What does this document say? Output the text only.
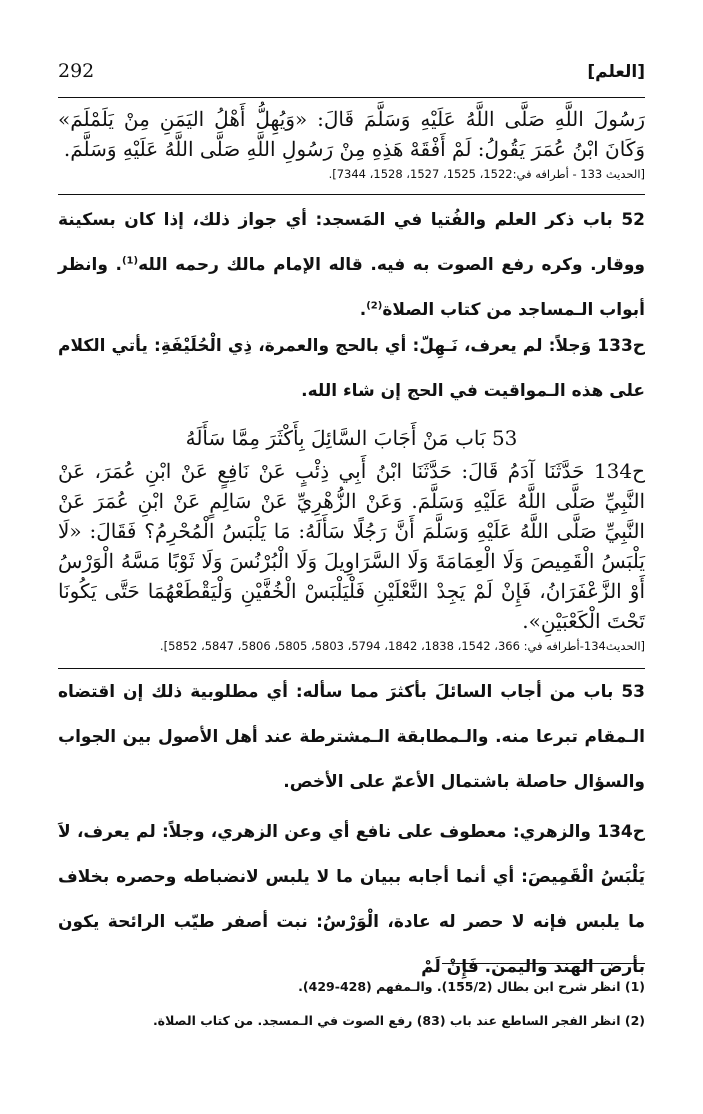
292	[العلم]
رَسُولَ اللَّهِ صَلَّى اللَّهُ عَلَيْهِ وَسَلَّمَ قَالَ: «وَيُهِلُّ أَهْلُ اليَمَنِ مِنْ يَلَمْلَمَ» وَكَانَ ابْنُ عُمَرَ يَقُولُ: لَمْ أَفْقَهْ هَذِهِ مِنْ رَسُولِ اللَّهِ صَلَّى اللَّهُ عَلَيْهِ وَسَلَّمَ.
[الحديث 133 - أطرافه في:1522، 1525، 1527، 1528، 7344].
52 باب ذكر العلم والفُتيا في المَسجد: أي جواز ذلك، إذا كان بسكينة ووقار. وكره رفع الصوت به فيه. قاله الإمام مالك رحمه الله$^{(1)}$. وانظر أبواب الـمساجد من كتاب الصلاة$^{(2)}$.
ح133 وَجلاً: لم يعرف، نَـهِلّ: أي بالحج والعمرة، ذِي الْحُلَيْفَةِ: يأتي الكلام على هذه الـمواقيت في الحج إن شاء الله.
53 بَاب مَنْ أَجَابَ السَّائِلَ بِأَكْثَرَ مِمَّا سَأَلَهُ
ح134 حَدَّثَنَا آدَمُ قَالَ: حَدَّثَنَا ابْنُ أَبِي ذِئْبٍ عَنْ نَافِعٍ عَنْ ابْنِ عُمَرَ، عَنْ النَّبِيِّ صَلَّى اللَّهُ عَلَيْهِ وَسَلَّمَ. وَعَنْ الزُّهْرِيِّ عَنْ سَالِمٍ عَنْ ابْنِ عُمَرَ عَنْ النَّبِيِّ صَلَّى اللَّهُ عَلَيْهِ وَسَلَّمَ أَنَّ رَجُلًا سَأَلَهُ: مَا يَلْبَسُ الْمُحْرِمُ؟ فَقَالَ: «لَا يَلْبَسُ الْقَمِيصَ وَلَا الْعِمَامَةَ وَلَا السَّرَاوِيلَ وَلَا الْبُرْنُسَ وَلَا ثَوْبًا مَسَّهُ الْوَرْسُ أَوْ الزَّعْفَرَانُ، فَإِنْ لَمْ يَجِدْ النَّعْلَيْنِ فَلْيَلْبَسْ الْخُفَّيْنِ وَلْيَقْطَعْهُمَا حَتَّى يَكُونَا تَحْتَ الْكَعْبَيْنِ».
[الحديث134-أطرافه في: 366، 1542، 1838، 1842، 5794، 5803، 5805، 5806، 5847، 5852].
53 باب من أجاب السائلَ بأكثرَ مما سأله: أي مطلوبية ذلك إن اقتضاه الـمقام تبرعا منه. والـمطابقة الـمشترطة عند أهل الأصول بين الجواب والسؤال حاصلة باشتمال الأعمّ على الأخص.
ح134 والزهري: معطوف على نافع أي وعن الزهري، وجلاً: لم يعرف، لاَ يَلْبَسُ الْقَمِيصَ: أي أنما أجابه ببيان ما لا يلبس لانضباطه وحصره بخلاف ما يلبس فإنه لا حصر له عادة، الْوَرْسُ: نبت أصفر طيّب الرائحة يكون بأرض الهند واليمن. فَإِنْ لَمْ
(1) انظر شرح ابن بطال (155/2). والـمفهم (428-429).
(2) انظر الفجر الساطع عند باب (83) رفع الصوت في الـمسجد. من كتاب الصلاة.
